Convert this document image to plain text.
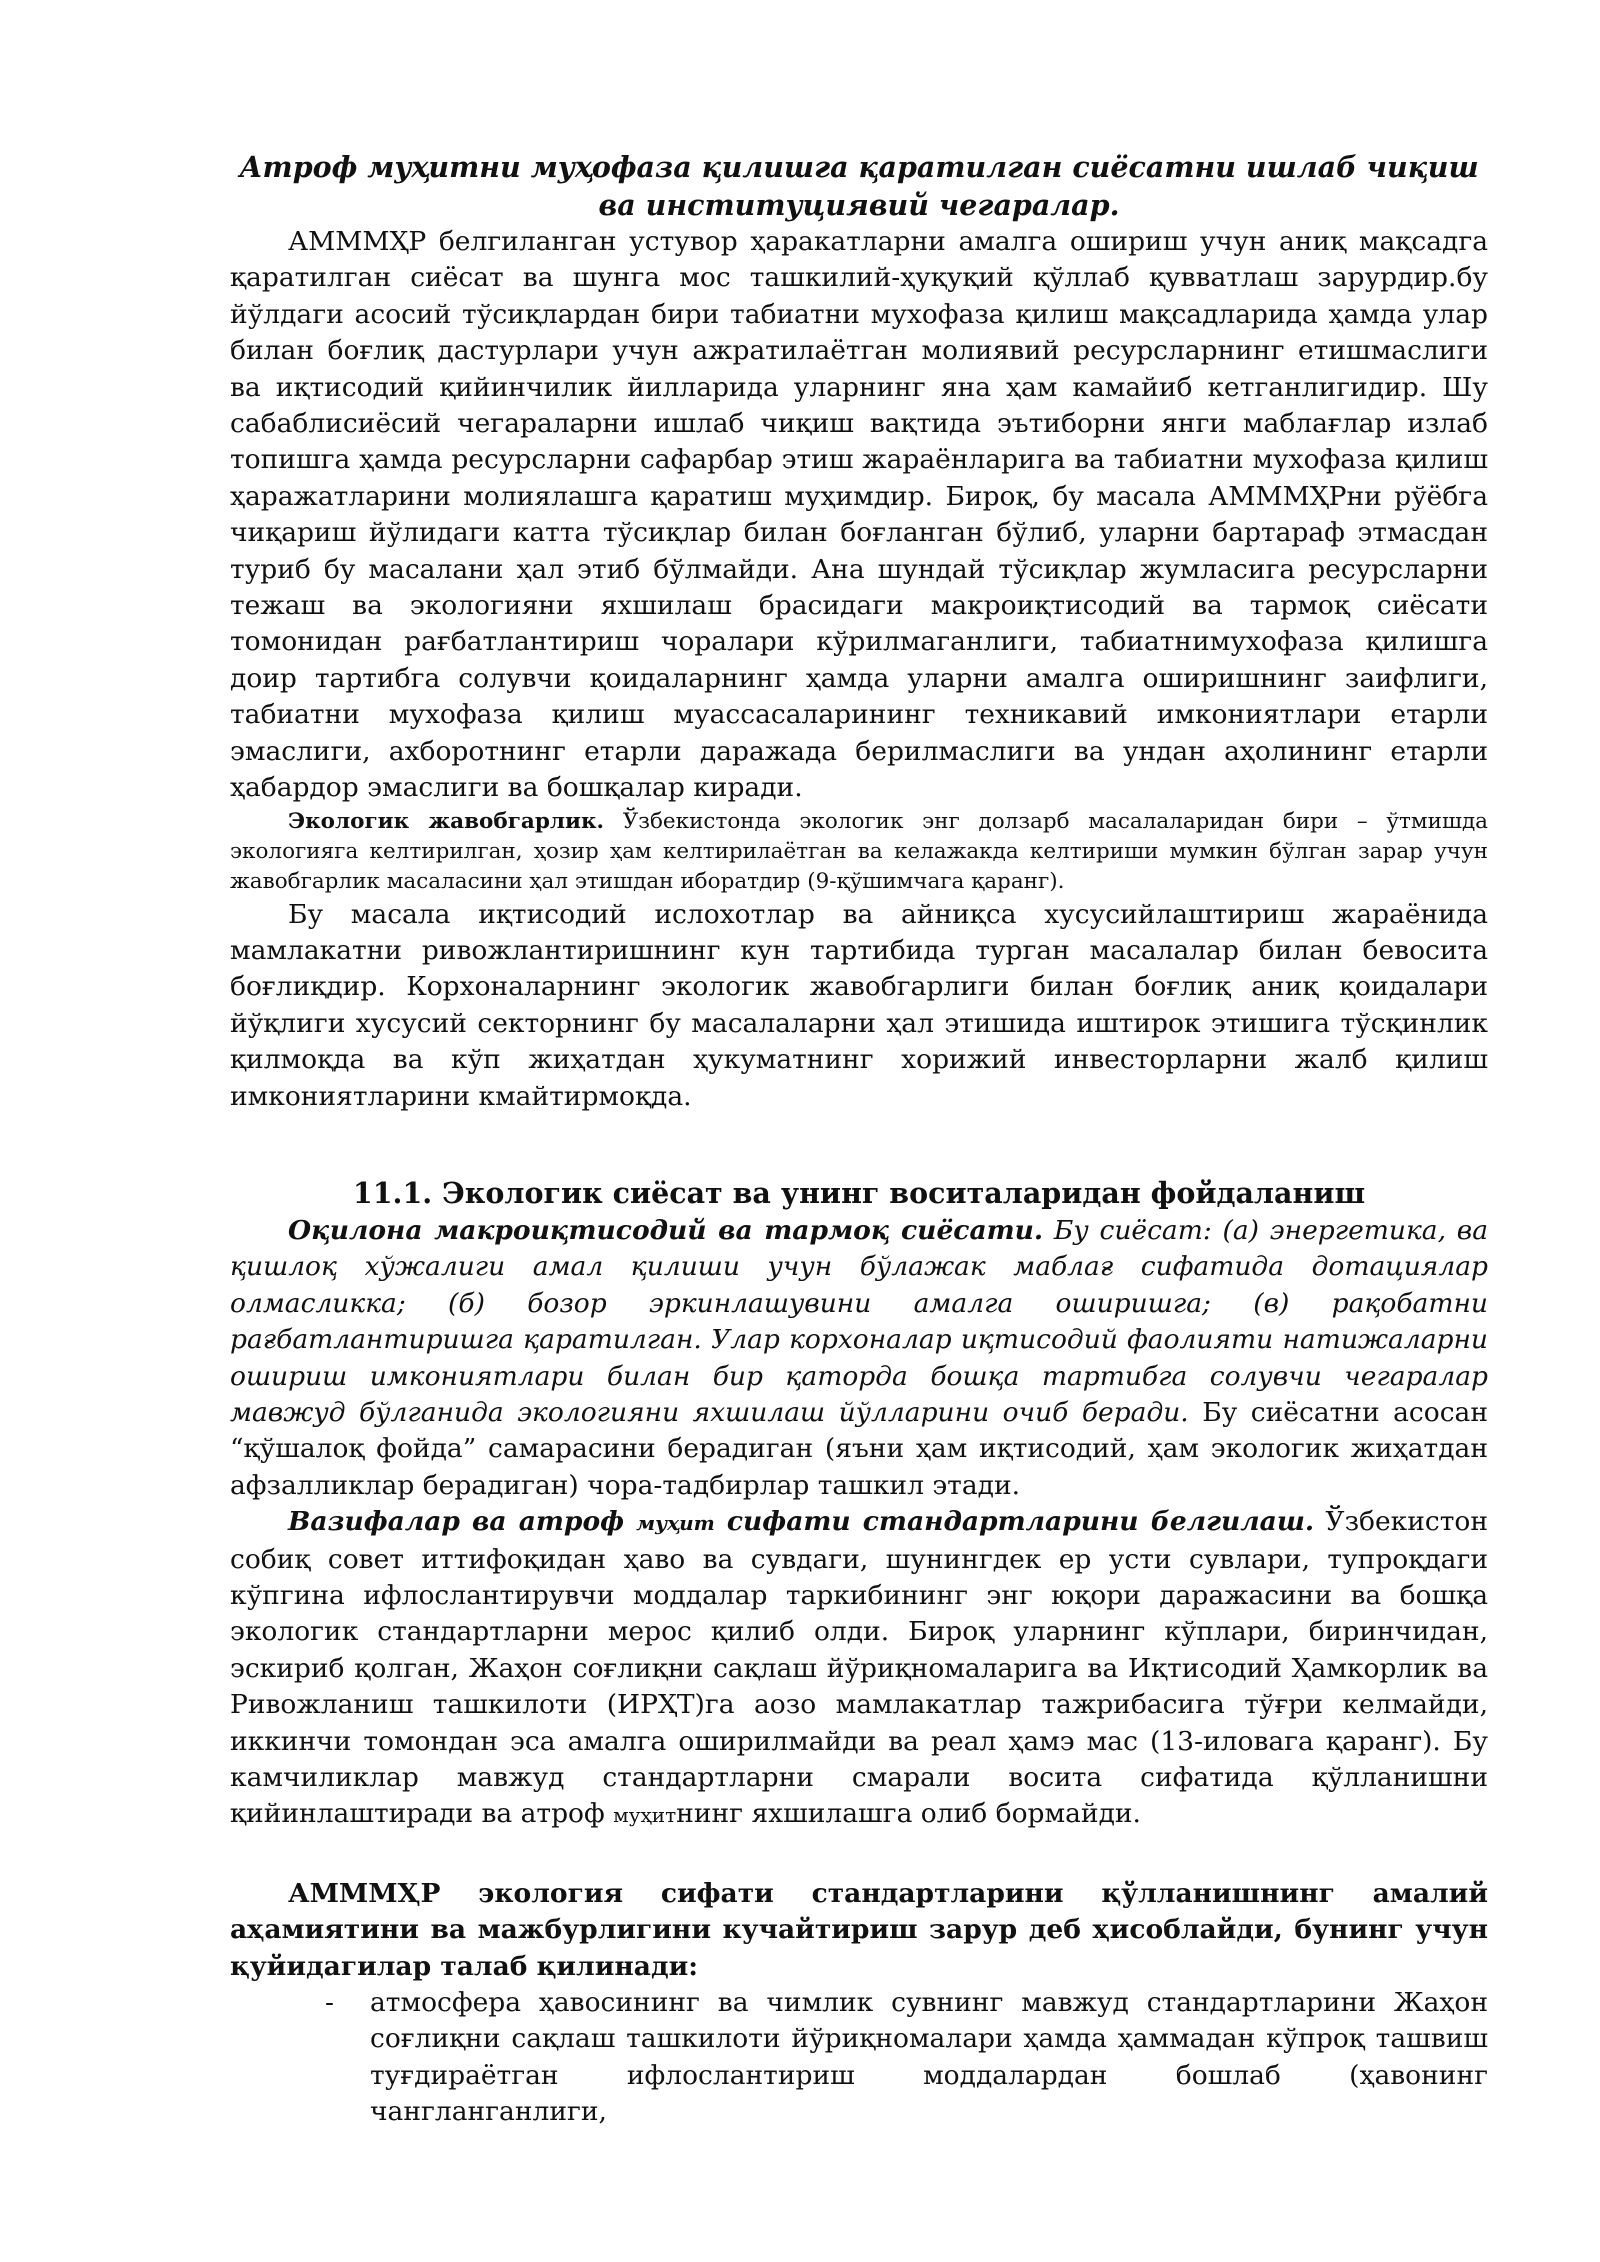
Атроф муҳитни муҳофаза қилишга қаратилган сиёсатни ишлаб чиқиш

ва институциявий чегаралар.

АМММҲР белгиланган устувор ҳаракатларни амалга ошириш учун аниқ мақсадга қаратилган сиёсат ва шунга мос ташкилий-ҳуқуқий қўллаб қувватлаш зарурдир.бу йўлдаги асосий тўсиқлардан бири табиатни мухофаза қилиш мақсадларида ҳамда улар билан боғлиқ дастурлари учун ажратилаётган молиявий ресурсларнинг етишмаслиги ва иқтисодий қийинчилик йилларида уларнинг яна ҳам камайиб кетганлигидир. Шу сабаблисиёсий чегараларни ишлаб чиқиш вақтида эътиборни янги маблағлар излаб топишга ҳамда ресурсларни сафарбар этиш жараёнларига ва табиатни мухофаза қилиш ҳаражатларини молиялашга қаратиш муҳимдир. Бироқ, бу масала АМММҲРни рўёбга чиқариш йўлидаги катта тўсиқлар билан боғланган бўлиб, уларни бартараф этмасдан туриб бу масалани ҳал этиб бўлмайди. Ана шундай тўсиқлар жумласига ресурсларни тежаш ва экологияни яхшилаш брасидаги макроиқтисодий ва тармоқ сиёсати томонидан рағбатлантириш чоралари кўрилмаганлиги, табиатнимухофаза қилишга доир тартибга солувчи қоидаларнинг ҳамда уларни амалга оширишнинг заифлиги, табиатни мухофаза қилиш муассасаларининг техникавий имкониятлари етарли эмаслиги, ахборотнинг етарли даражада берилмаслиги ва ундан аҳолининг етарли ҳабардор эмаслиги ва бошқалар киради.

Экологик жавобгарлик. Ўзбекистонда экологик энг долзарб масалаларидан бири – ўтмишда экологияга келтирилган, ҳозир ҳам келтирилаётган ва келажакда келтириши мумкин бўлган зарар учун жавобгарлик масаласини ҳал этишдан иборатдир (9-қўшимчага қаранг).

Бу масала иқтисодий ислохотлар ва айниқса хусусийлаштириш жараёнида мамлакатни ривожлантиришнинг кун тартибида турган масалалар билан бевосита боғлиқдир. Корхоналарнинг экологик жавобгарлиги билан боғлиқ аниқ қоидалари йўқлиги хусусий секторнинг бу масалаларни ҳал этишида иштирок этишига тўсқинлик қилмоқда ва кўп жиҳатдан ҳукуматнинг хорижий инвесторларни жалб қилиш имкониятларини кмайтирмоқда.

11.1. Экологик сиёсат ва унинг воситаларидан фойдаланиш

Оқилона макроиқтисодий ва тармоқ сиёсати. Бу сиёсат: (а) энергетика, ва қишлоқ хўжалиги амал қилиши учун бўлажак маблағ сифатида дотациялар олмасликка; (б) бозор эркинлашувини амалга оширишга; (в) рақобатни рағбатлантиришга қаратилган. Улар корхоналар иқтисодий фаолияти натижаларни ошириш имкониятлари билан бир қаторда бошқа тартибга солувчи чегаралар мавжуд бўлганида экологияни яхшилаш йўлларини очиб беради. Бу сиёсатни асосан “қўшалоқ фойда” самарасини берадиган (яъни ҳам иқтисодий, ҳам экологик жиҳатдан афзалликлар берадиган) чора-тадбирлар ташкил этади.

Вазифалар ва атроф муҳит сифати стандартларини белгилаш. Ўзбекистон собиқ совет иттифоқидан ҳаво ва сувдаги, шунингдек ер усти сувлари, тупроқдаги кўпгина ифлослантирувчи моддалар таркибининг энг юқори даражасини ва бошқа экологик стандартларни мерос қилиб олди. Бироқ уларнинг кўплари, биринчидан, эскириб қолган, Жаҳон соғлиқни сақлаш йўриқномаларига ва Иқтисодий Ҳамкорлик ва Ривожланиш ташкилоти (ИРҲТ)га аозо мамлакатлар тажрибасига тўғри келмайди, иккинчи томондан эса амалга оширилмайди ва реал ҳамэ мас (13-иловага қаранг). Бу камчиликлар мавжуд стандартларни смарали восита сифатида қўлланишни қийинлаштиради ва атроф муҳитнинг яхшилашга олиб бормайди.

АМММҲР экология сифати стандартларини қўлланишнинг амалий аҳамиятини ва мажбурлигини кучайтириш зарур деб ҳисоблайди, бунинг учун қуйидагилар талаб қилинади:

-	атмосфера ҳавосининг ва чимлик сувнинг мавжуд стандартларини Жаҳон соғлиқни сақлаш ташкилоти йўриқномалари ҳамда ҳаммадан кўпроқ ташвиш туғдираётган ифлослантириш моддалардан бошлаб (ҳавонинг чангланганлиги,
